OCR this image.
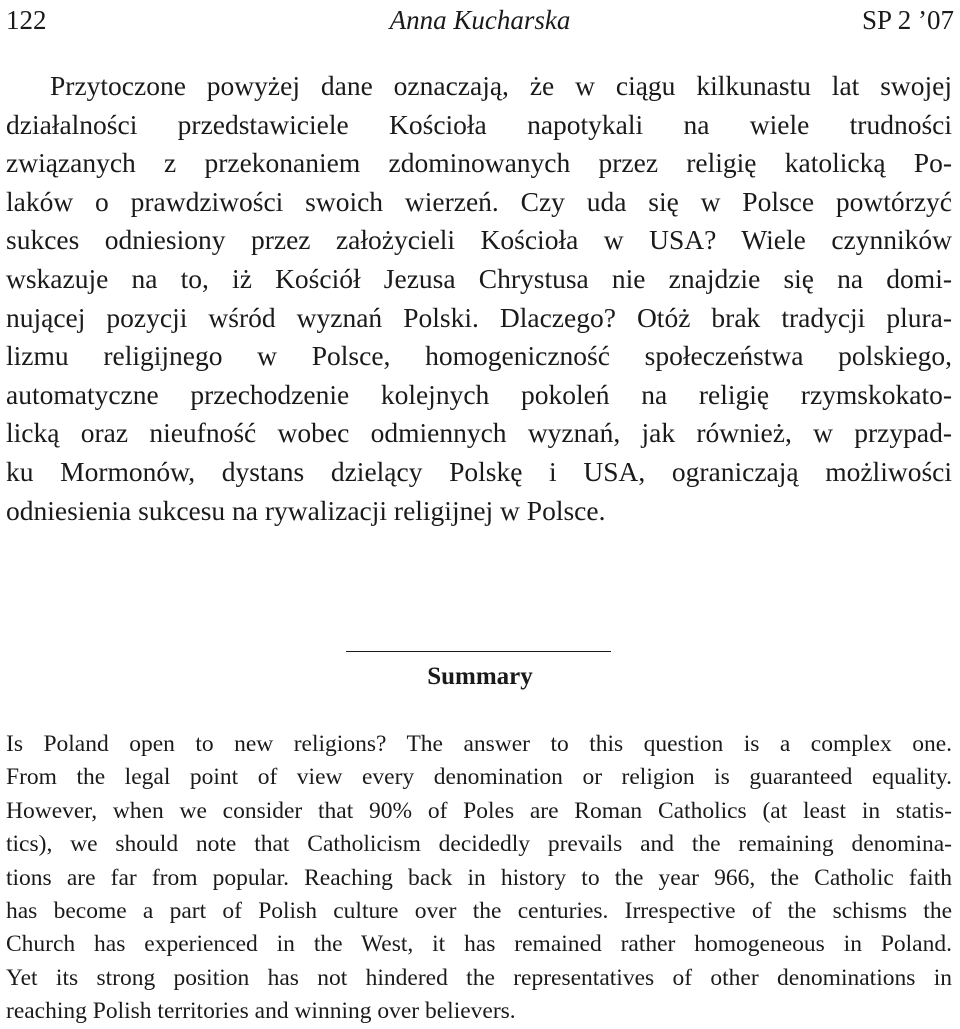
122	Anna Kucharska	SP 2 ’07
Przytoczone powyżej dane oznaczają, że w ciągu kilkunastu lat swojej
działalności przedstawiciele Kościoła napotykali na wiele trudności
związanych z przekonaniem zdominowanych przez religię katolicką Po-
laków o prawdziwości swoich wierzeń. Czy uda się w Polsce powtórzyć
sukces odniesiony przez założycieli Kościoła w USA? Wiele czynników
wskazuje na to, iż Kościół Jezusa Chrystusa nie znajdzie się na domi-
nującej pozycji wśród wyznań Polski. Dlaczego? Otóż brak tradycji plura-
lizmu religijnego w Polsce, homogeniczność społeczeństwa polskiego,
automatyczne przechodzenie kolejnych pokoleń na religię rzymskokato-
licką oraz nieufność wobec odmiennych wyznań, jak również, w przypad-
ku Mormonów, dystans dzielący Polskę i USA, ograniczają możliwości
odniesienia sukcesu na rywalizacji religijnej w Polsce.
Summary
Is Poland open to new religions? The answer to this question is a complex one.
From the legal point of view every denomination or religion is guaranteed equality.
However, when we consider that 90% of Poles are Roman Catholics (at least in statis-
tics), we should note that Catholicism decidedly prevails and the remaining denomina-
tions are far from popular. Reaching back in history to the year 966, the Catholic faith
has become a part of Polish culture over the centuries. Irrespective of the schisms the
Church has experienced in the West, it has remained rather homogeneous in Poland.
Yet its strong position has not hindered the representatives of other denominations in
reaching Polish territories and winning over believers.
